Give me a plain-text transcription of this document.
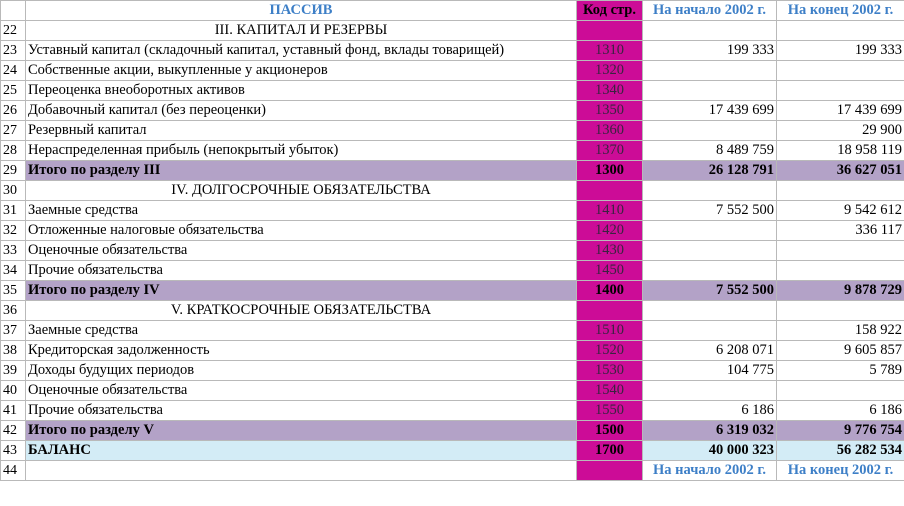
	ПАССИВ	Код стр.	На начало 2002 г.	На конец 2002 г.
22	III. КАПИТАЛ И РЕЗЕРВЫ			
23	Уставный капитал (складочный капитал, уставный фонд, вклады товарищей)	1310	199 333	199 333
24	Собственные акции, выкупленные у акционеров	1320		
25	Переоценка внеоборотных активов	1340		
26	Добавочный капитал (без переоценки)	1350	17 439 699	17 439 699
27	Резервный капитал	1360		29 900
28	Нераспределенная прибыль (непокрытый убыток)	1370	8 489 759	18 958 119
29	Итого по разделу III	1300	26 128 791	36 627 051
30	IV. ДОЛГОСРОЧНЫЕ ОБЯЗАТЕЛЬСТВА			
31	Заемные средства	1410	7 552 500	9 542 612
32	Отложенные налоговые обязательства	1420		336 117
33	Оценочные обязательства	1430		
34	Прочие обязательства	1450		
35	Итого по разделу IV	1400	7 552 500	9 878 729
36	V. КРАТКОСРОЧНЫЕ ОБЯЗАТЕЛЬСТВА			
37	Заемные средства	1510		158 922
38	Кредиторская задолженность	1520	6 208 071	9 605 857
39	Доходы будущих периодов	1530	104 775	5 789
40	Оценочные обязательства	1540		
41	Прочие обязательства	1550	6 186	6 186
42	Итого по разделу V	1500	6 319 032	9 776 754
43	БАЛАНС	1700	40 000 323	56 282 534
44			На начало 2002 г.	На конец 2002 г.
